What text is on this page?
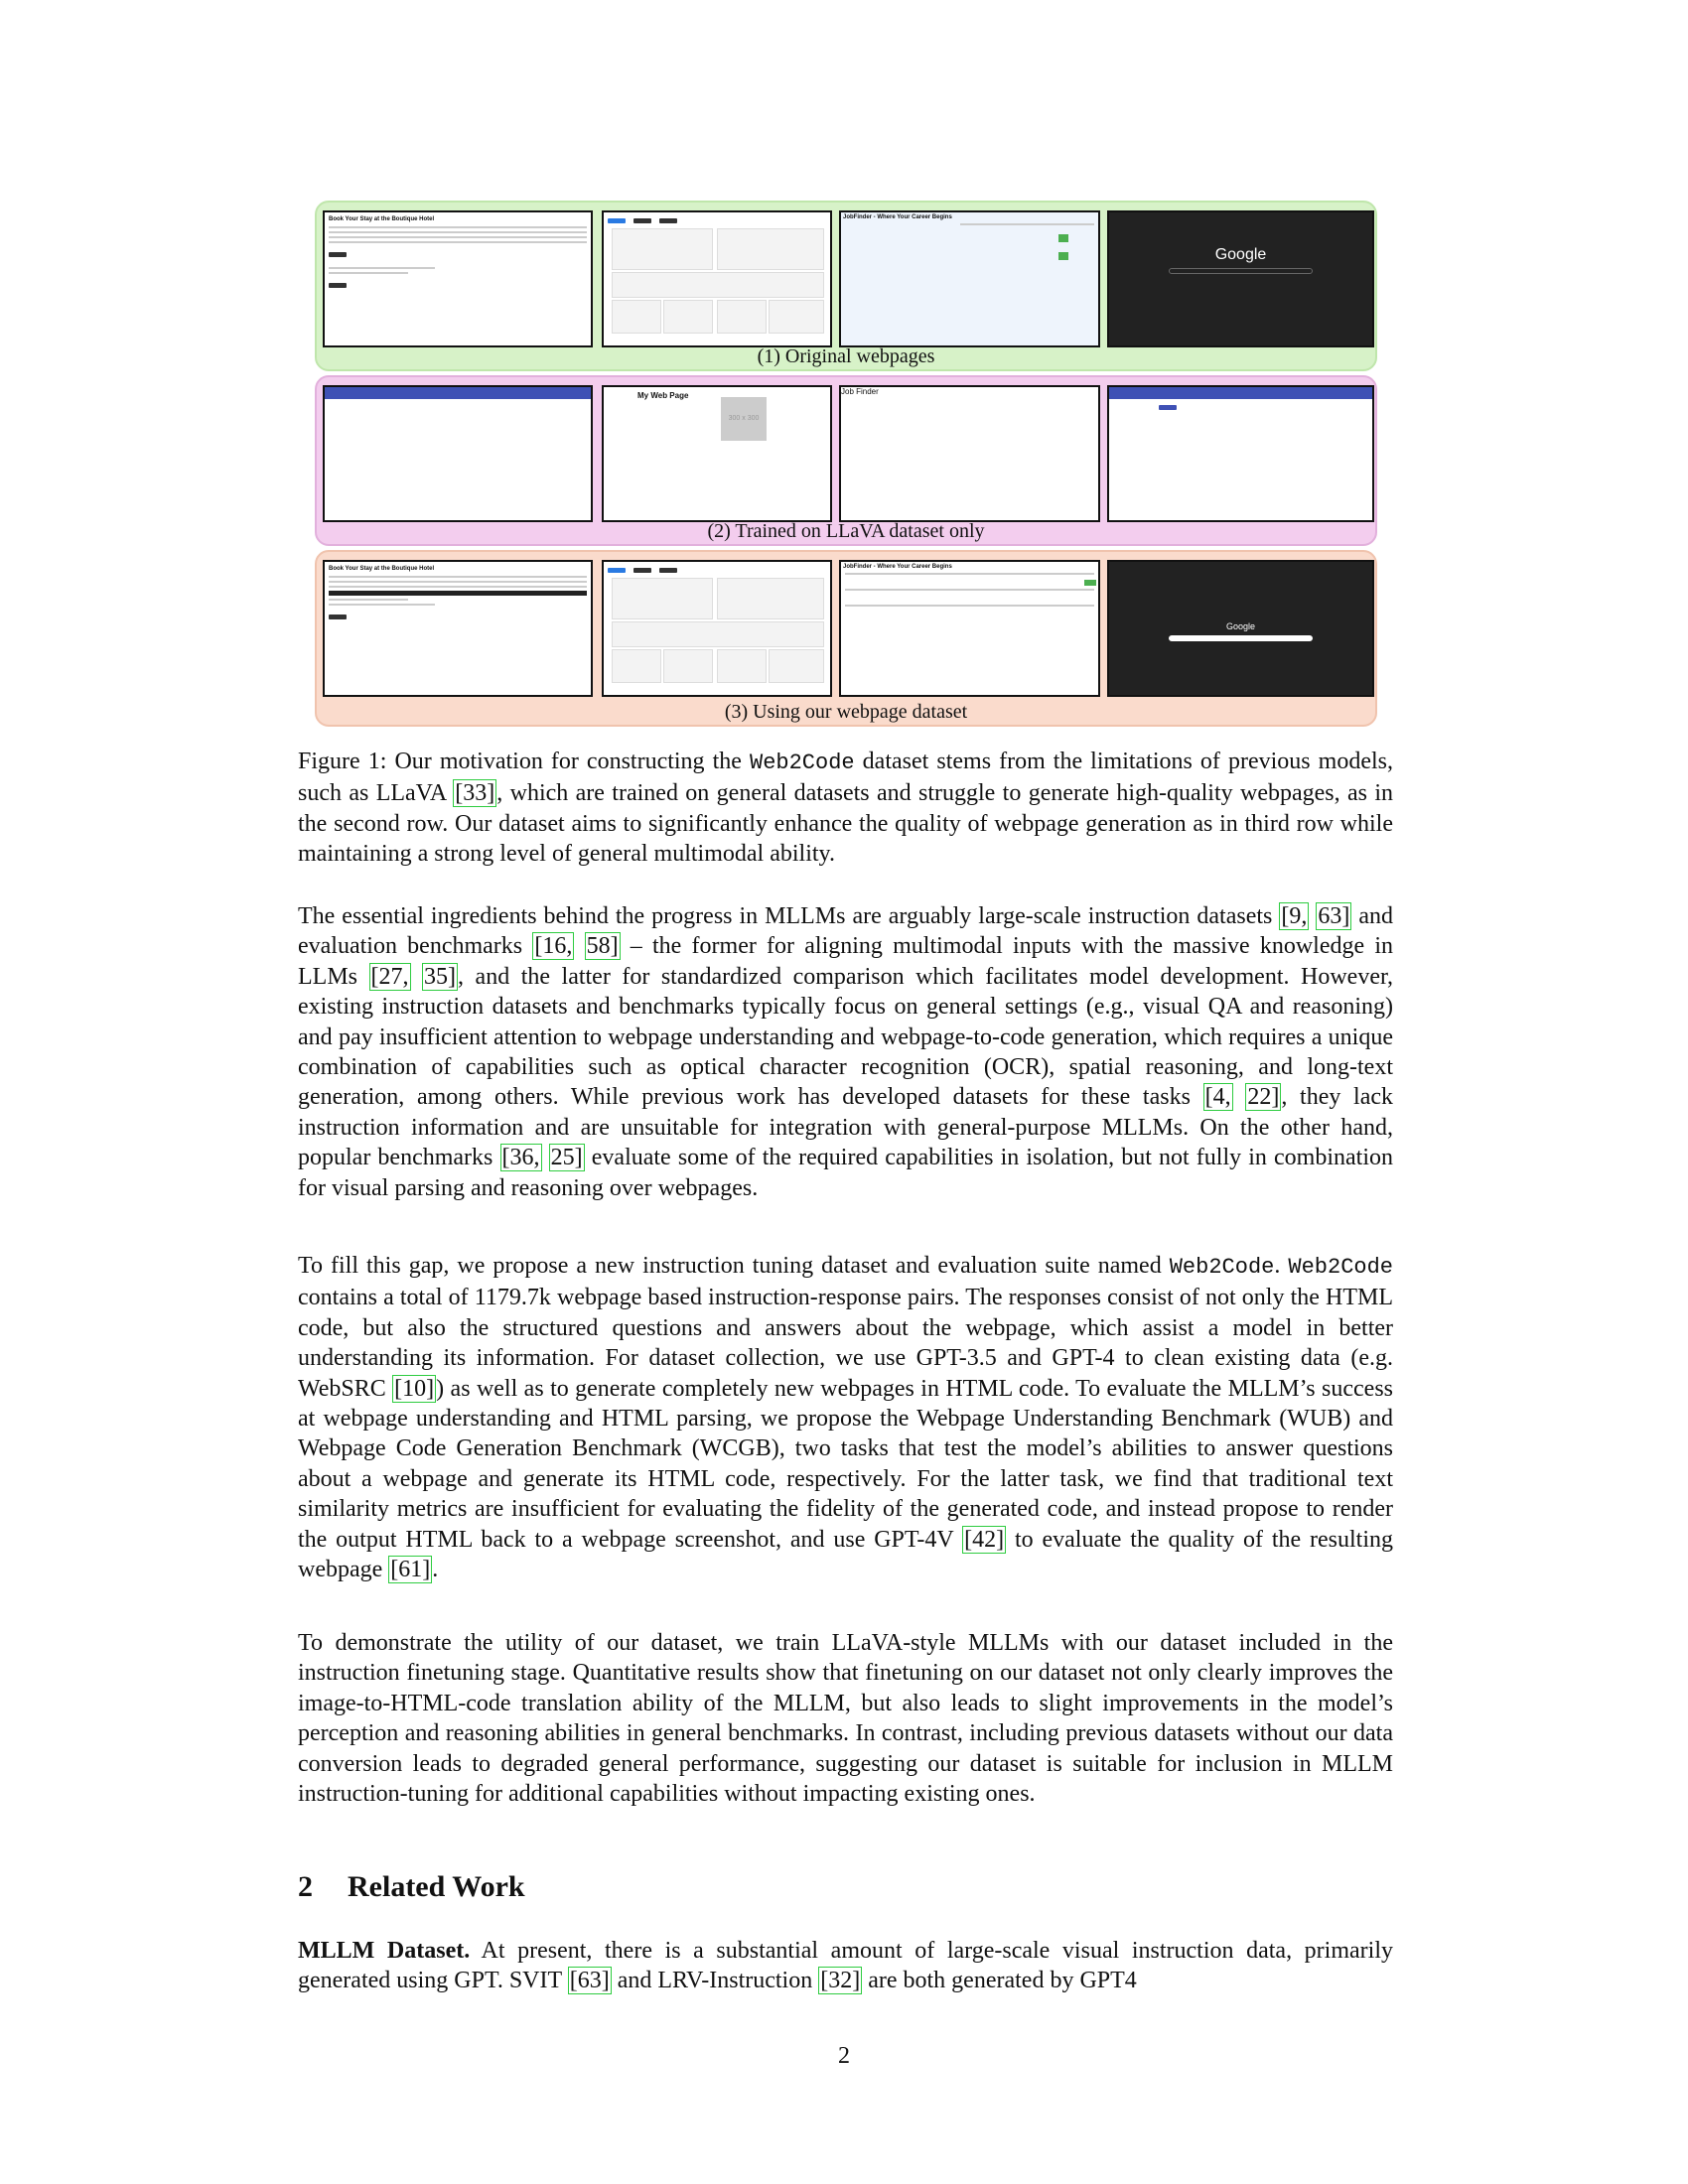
Book Your Stay at the Boutique Hotel	JobFinder - Where Your Career Begins
Google
(1) Original webpages
My Web Page
300 x 300
Job Finder
(2) Trained on LLaVA dataset only
Book Your Stay at the Boutique Hotel	JobFinder - Where Your Career Begins
Google
(3) Using our webpage dataset

Figure 1: Our motivation for constructing the Web2Code dataset stems from the limitations of previous models, such as LLaVA [33], which are trained on general datasets and struggle to generate high-quality webpages, as in the second row. Our dataset aims to significantly enhance the quality of webpage generation as in third row while maintaining a strong level of general multimodal ability.

The essential ingredients behind the progress in MLLMs are arguably large-scale instruction datasets [9, 63] and evaluation benchmarks [16, 58] – the former for aligning multimodal inputs with the massive knowledge in LLMs [27, 35], and the latter for standardized comparison which facilitates model development. However, existing instruction datasets and benchmarks typically focus on general settings (e.g., visual QA and reasoning) and pay insufficient attention to webpage understanding and webpage-to-code generation, which requires a unique combination of capabilities such as optical character recognition (OCR), spatial reasoning, and long-text generation, among others. While previous work has developed datasets for these tasks [4, 22], they lack instruction information and are unsuitable for integration with general-purpose MLLMs. On the other hand, popular benchmarks [36, 25] evaluate some of the required capabilities in isolation, but not fully in combination for visual parsing and reasoning over webpages.

To fill this gap, we propose a new instruction tuning dataset and evaluation suite named Web2Code. Web2Code contains a total of 1179.7k webpage based instruction-response pairs. The responses consist of not only the HTML code, but also the structured questions and answers about the webpage, which assist a model in better understanding its information. For dataset collection, we use GPT-3.5 and GPT-4 to clean existing data (e.g. WebSRC [10]) as well as to generate completely new webpages in HTML code. To evaluate the MLLM’s success at webpage understanding and HTML parsing, we propose the Webpage Understanding Benchmark (WUB) and Webpage Code Generation Benchmark (WCGB), two tasks that test the model’s abilities to answer questions about a webpage and generate its HTML code, respectively. For the latter task, we find that traditional text similarity metrics are insufficient for evaluating the fidelity of the generated code, and instead propose to render the output HTML back to a webpage screenshot, and use GPT-4V [42] to evaluate the quality of the resulting webpage [61].

To demonstrate the utility of our dataset, we train LLaVA-style MLLMs with our dataset included in the instruction finetuning stage. Quantitative results show that finetuning on our dataset not only clearly improves the image-to-HTML-code translation ability of the MLLM, but also leads to slight improvements in the model’s perception and reasoning abilities in general benchmarks. In contrast, including previous datasets without our data conversion leads to degraded general performance, suggesting our dataset is suitable for inclusion in MLLM instruction-tuning for additional capabilities without impacting existing ones.

2 Related Work

MLLM Dataset. At present, there is a substantial amount of large-scale visual instruction data, primarily generated using GPT. SVIT [63] and LRV-Instruction [32] are both generated by GPT4

2
